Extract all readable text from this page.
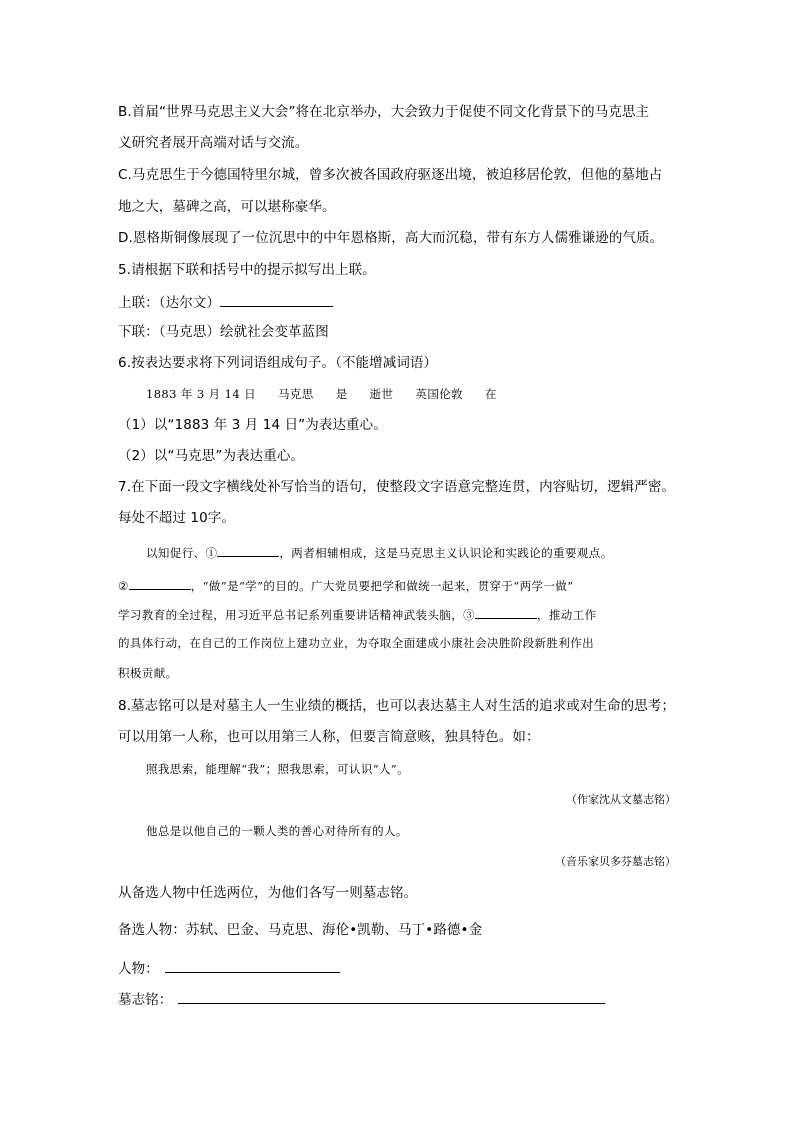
B.首届“世界马克思主义大会”将在北京举办，大会致力于促使不同文化背景下的马克思主
义研究者展开高端对话与交流。
C.马克思生于今德国特里尔城，曾多次被各国政府驱逐出境，被迫移居伦敦，但他的墓地占
地之大，墓碑之高，可以堪称豪华。
D.恩格斯铜像展现了一位沉思中的中年恩格斯，高大而沉稳，带有东方人儒雅谦逊的气质。
5.请根据下联和括号中的提示拟写出上联。
上联：（达尔文）
下联：（马克思）绘就社会变革蓝图
6.按表达要求将下列词语组成句子。（不能增减词语）
1883 年 3 月 14 日 马克思 是 逝世 英国伦敦 在
（1）以“1883 年 3 月 14 日”为表达重心。
（2）以“马克思”为表达重心。
7.在下面一段文字横线处补写恰当的语句，使整段文字语意完整连贯，内容贴切，逻辑严密。
每处不超过 10字。
以知促行、①	，两者相辅相成，这是马克思主义认识论和实践论的重要观点。
②	，“做”是“学”的目的。广大党员要把学和做统一起来，贯穿于“两学一做”
学习教育的全过程，用习近平总书记系列重要讲话精神武装头脑，③	，推动工作
的具体行动，在自己的工作岗位上建功立业，为夺取全面建成小康社会决胜阶段新胜利作出
积极贡献。
8.墓志铭可以是对墓主人一生业绩的概括，也可以表达墓主人对生活的追求或对生命的思考；
可以用第一人称，也可以用第三人称，但要言简意赅，独具特色。如：
照我思索，能理解“我”；照我思索，可认识“人”。
（作家沈从文墓志铭）
他总是以他自己的一颗人类的善心对待所有的人。
（音乐家贝多芬墓志铭）
从备选人物中任选两位，为他们各写一则墓志铭。
备选人物：苏轼、巴金、马克思、海伦•凯勒、马丁•路德•金
人物：
墓志铭：
